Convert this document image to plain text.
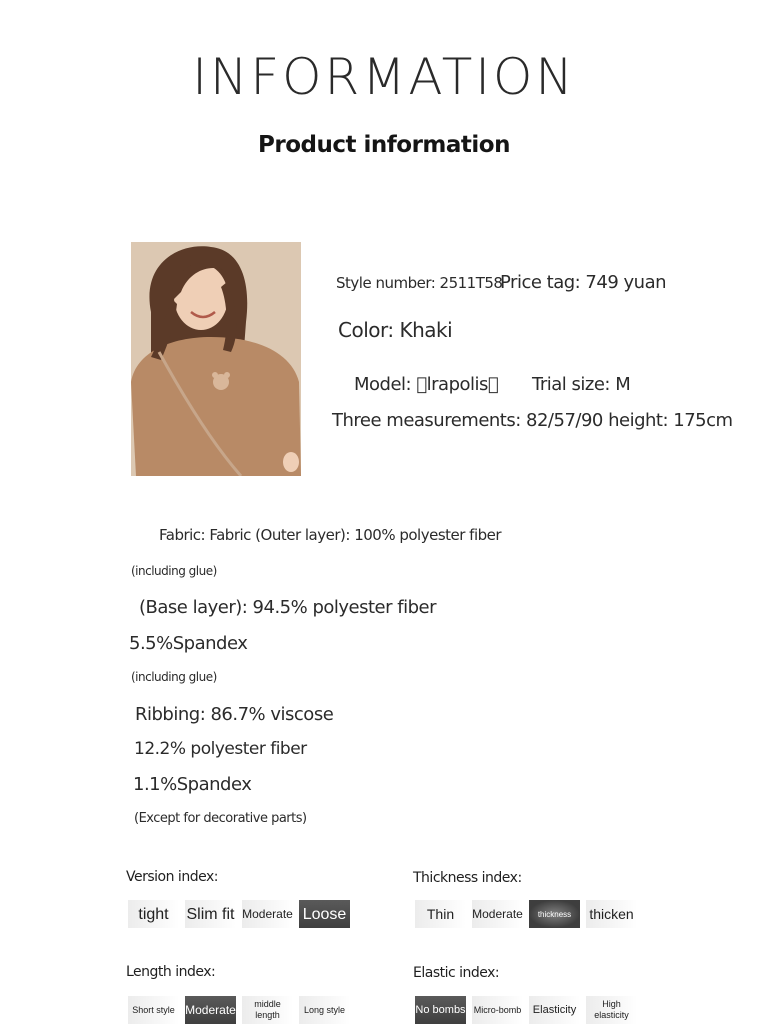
INFORMATION
Product information
Style number: 2511T58
Price tag: 749 yuan
Color: Khaki
Model:  lrapolis  Trial size: M
Three measurements: 82/57/90 height: 175cm
Fabric: Fabric (Outer layer): 100% polyester fiber
(including glue)
(Base layer): 94.5% polyester fiber
5.5%Spandex
(including glue)
Ribbing: 86.7% viscose
12.2% polyester fiber
1.1%Spandex
(Except for decorative parts)
Version index:
tight	Slim fit Moderate Loose
Thickness index:
Thin	Moderate	thickness	thicken
Length index:
Short style Moderate	middle length
Long style
Elastic index:
No bombs Micro-bomb	Elasticity	High elasticity
